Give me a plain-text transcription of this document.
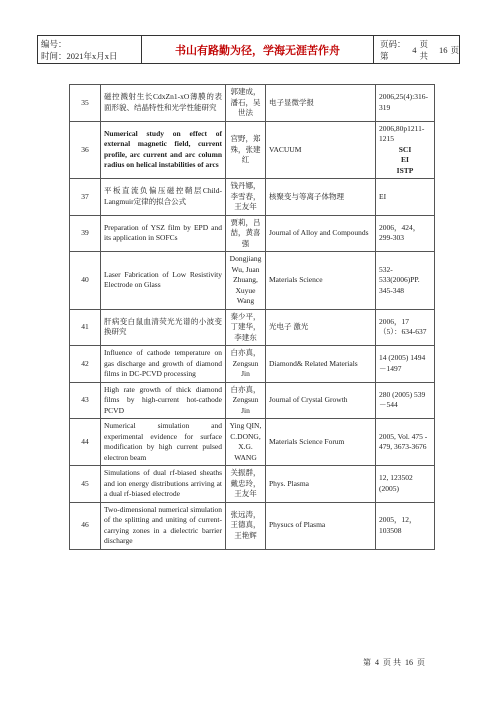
编号：
时间：2021年x月x日	书山有路勤为径，学海无涯苦作舟
页码：第
4
页 共
16 页
35	磁控溅射生长CdxZn1-xO薄膜的表面形貌、结晶特性和光学性能研究	郭建成，潘石，吴世法	电子显微学报	2006,25(4):316-319
36	Numerical study on effect of external magnetic field, current profile, arc current and arc column radius on helical instabilities of arcs	宫野，郑殊，张建红	VACUUM	2006,80p1211-1215
SCI
EI
ISTP

37	平板直流负偏压磁控鞘层Child-Langmuir定律的拟合公式	钱丹娜，李雪春，王友年	核聚变与等离子体物理	EI
39	Preparation of YSZ film by EPD and its application in SOFCs	贾莉，吕喆，黄喜强	Journal of Alloy and Compounds	2006，424，299-303
40	Laser Fabrication of Low Resistivity Electrode on Glass	Dongjiang Wu, Juan Zhuang, Xuyue Wang	Materials Science	532-533(2006)PP. 345-348
41	肝病变白鼠血清荧光光谱的小波变换研究	秦少平，丁建华，李建东	光电子 激光	2006，17（5）：634-637
42	Influence of cathode temperature on gas discharge and growth of diamond films in DC-PCVD processing	白亦真，Zengsun Jin	Diamond& Related Materials	14 (2005) 1494－1497
43	High rate growth of thick diamond films by high-current hot-cathode PCVD	白亦真，Zengsun Jin	Journal of Crystal Growth	280 (2005) 539－544
44	Numerical simulation and experimental evidence for surface modification by high current pulsed electron beam	Ying QIN, C.DONG, X.G. WANG	Materials Science Forum	2005, Vol. 475 - 479, 3673-3676
45	Simulations of dual rf-biased sheaths and ion energy distributions arriving at a dual rf-biased electrode	关振群，戴忠玲，王友年	Phys. Plasma	12, 123502 (2005)
46	Two-dimensional numerical simulation of the splitting and uniting of current-carrying zones in a dielectric barrier discharge	张远涛，王德真，王艳辉	Physucs of Plasma	2005，12，103508
第 4 页 共 16 页
